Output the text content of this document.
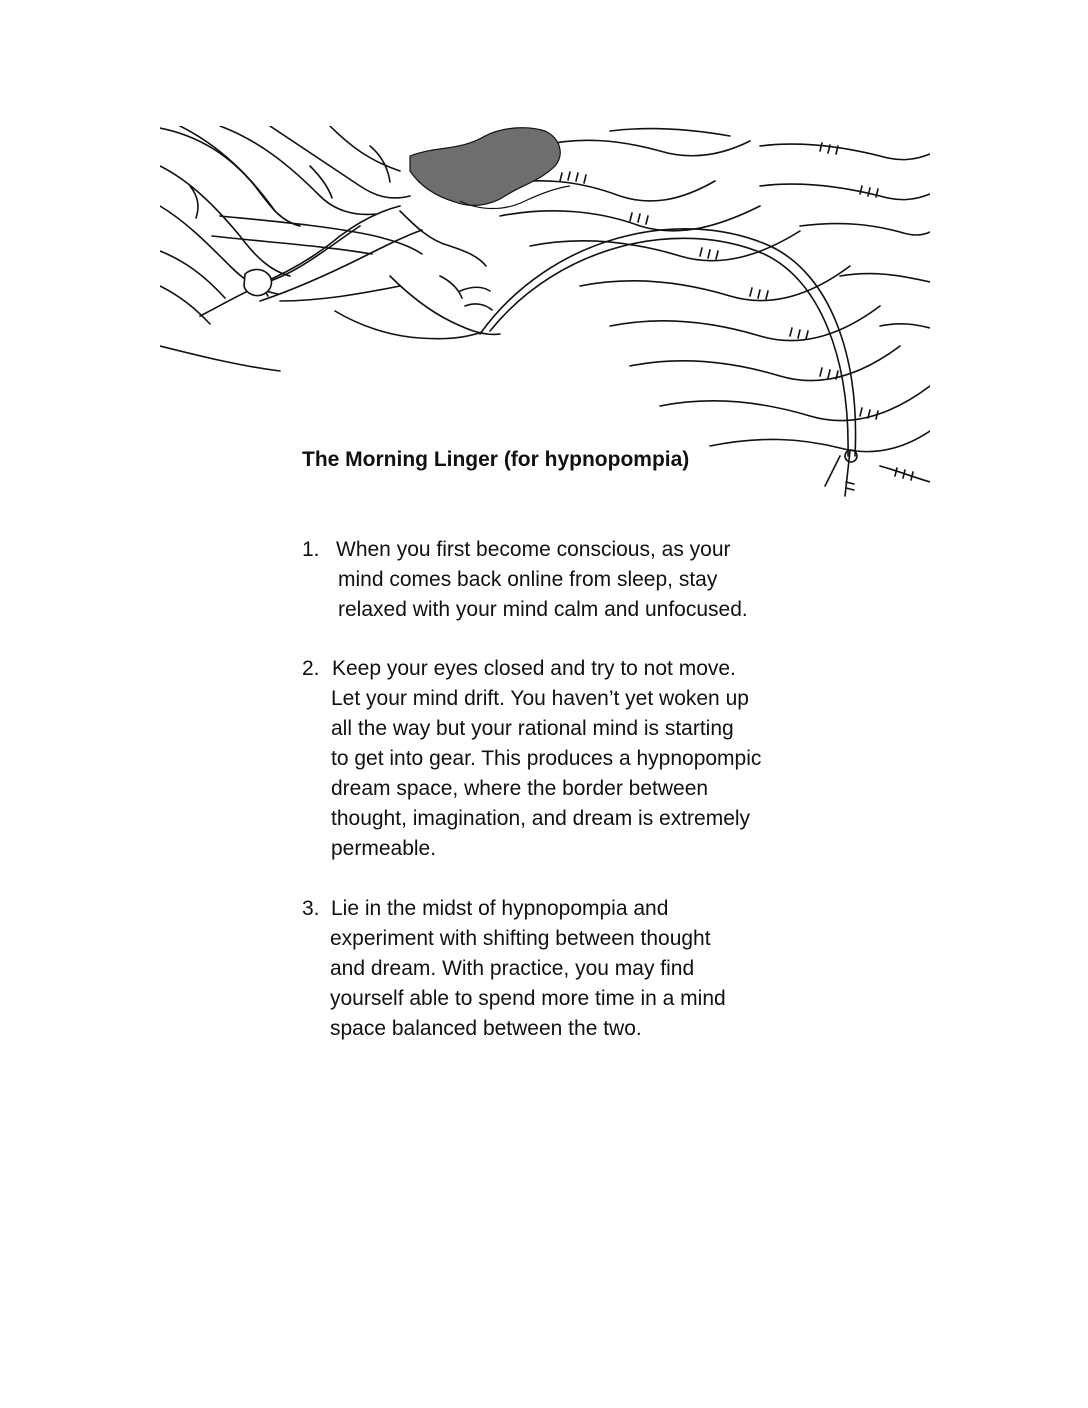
The Morning Linger (for hypnopompia)
1. When you first become conscious, as your
mind comes back online from sleep, stay
relaxed with your mind calm and unfocused.
2. Keep your eyes closed and try to not move.
Let your mind drift. You haven’t yet woken up
all the way but your rational mind is starting
to get into gear. This produces a hypnopompic
dream space, where the border between
thought, imagination, and dream is extremely
permeable.
3. Lie in the midst of hypnopompia and
experiment with shifting between thought
and dream. With practice, you may find
yourself able to spend more time in a mind
space balanced between the two.
